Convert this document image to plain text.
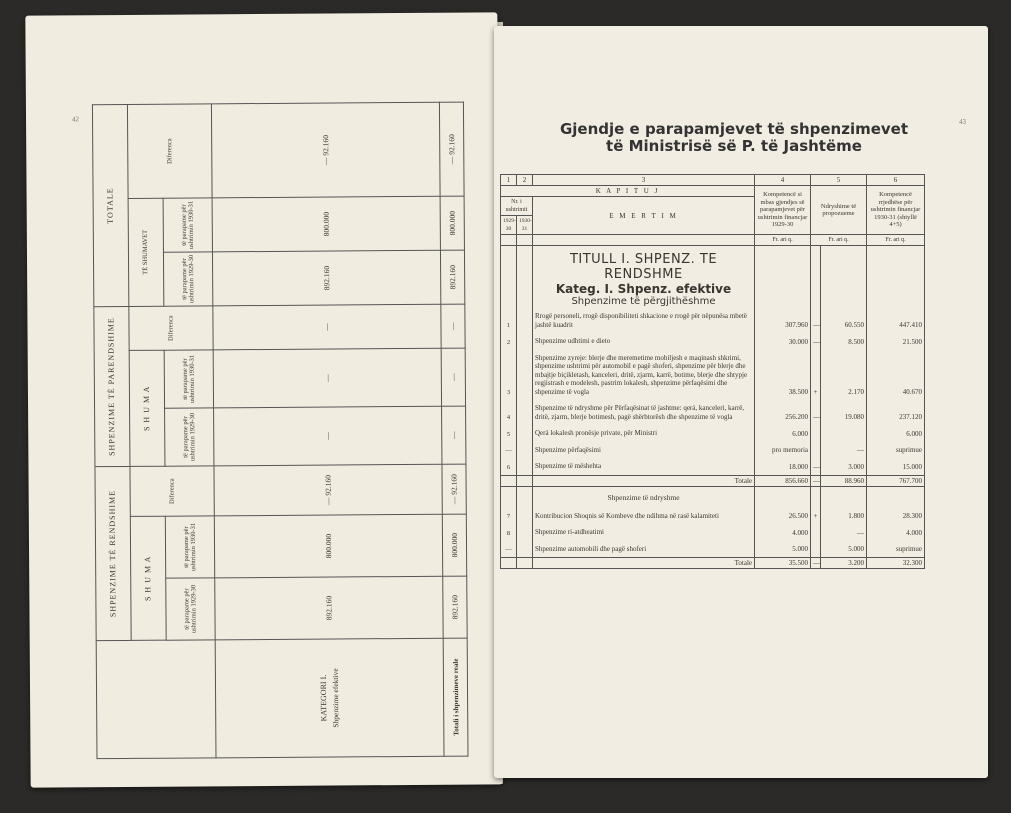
42
	SHPENZIME TË RENDSHIME			SHPENZIME TË PARENDSHIME			TOTALE		
	S H U M A		Diferenca	S H U M A		Diferenca	TË SHUMAVET		Diferenca
	të parapame për ushtrimin 1929-30	të parapame për ushtrimin 1930-31		të parapame për ushtrimin 1929-30	të parapame për ushtrimin 1930-31		të parapame për ushtrimin 1929-30	të parapame për ushtrimin 1930-31	

KATEGORI I. Shpenzime efektive	892.160	800.000	— 92.160	—	—	—	892.160	800.000	— 92.160
Totali i shpenzimeve reale	892.160	800.000	— 92.160	—	—	—	892.160	800.000	— 92.160
43
Gjendje e parapamjevet të shpenzimevet
të Ministrisë së P. të Jashtëme
1	2	3	4	5		6
K A P I T U J			Kompetencë si mbas gjendjes së parapamjevet për ushtrimin financjar 1929-30	Ndryshime të propozueme		Kompetencë rrjedhëse për ushtrimin financjar 1930-31 (shtyllë 4+5)
Nr. i ushtrimit		E M E R T I M				
1929-30	1930-31					
			Fr. ari q.	Fr. ari q.		Fr. ari q.

		TITULL I. SHPENZ. TE RENDSHME
Kateg. I. Shpenz. efektive
Shpenzime të përgjithëshme				

1		Rrogë personeli, rrogë disponibiliteti shkacione e rrogë për nëpunësa mbetë jashtë kuadrit	307.960	—	60.550	447.410
2		Shpenzime udhtimi e dieto	30.000	—	8.500	21.500
3		Shpenzime zyreje: blerje dhe meremetime mobiljesh e maqinash shkrimi, shpenzime ushtrimi për automobil e pagë shoferi, shpenzime për blerje dhe mbajtje biçikletash, kanceleri, dritë, zjarm, karrë, botime, blerje dhe shtypje regjistrash e modelesh, pastrim lokalesh, shpenzime përfaqësimi dhe shpenzime të vogla	38.500	+	2.170	40.670
4		Shpenzime të ndryshme për Përfaqësinat të jashtme: qerá, kanceleri, karrë, dritë, zjarm, blerje botimesh, pagë shërbtorësh dhe shpenzime të vogla	256.200	—	19.080	237.120
5		Qerá lokalesh pronësje private, për Ministri	6.000			6.000
—		Shpenzime përfaqësimi	pro memoria		—	suprimue
6		Shpenzime të mëshehta	18.000	—	3.000	15.000
		Totale	856.660	—	88.960	767.700
		Shpenzime të ndryshme				
7		Kontribucion Shoqnis së Kombeve dhe ndihma në rasë kalamiteti	26.500	+	1.800	28.300
8		Shpenzime ri-atdheatimi	4.000		—	4.000
—		Shpenzime automobili dhe pagë shoferi	5.000		5.000	suprimue
		Totale	35.500	—	3.200	32.300
